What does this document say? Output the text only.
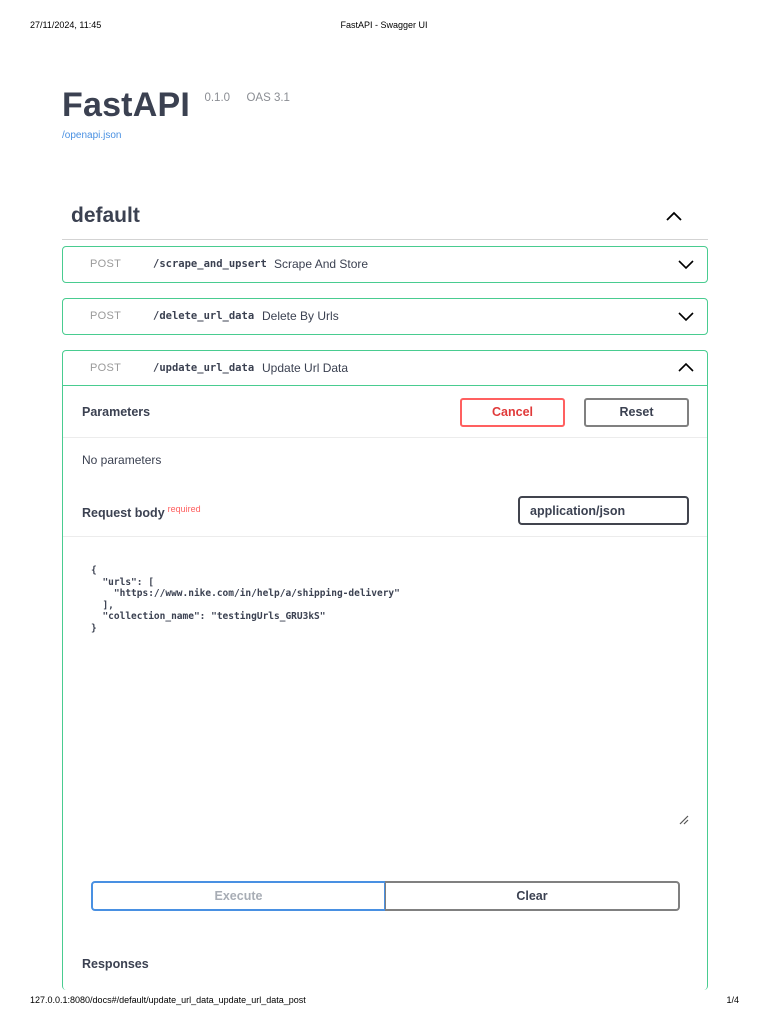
27/11/2024, 11:45	FastAPI - Swagger UI
FastAPI 0.1.0 OAS 3.1
/openapi.json
default
POST	/scrape_and_upsert Scrape And Store
POST	/delete_url_data Delete By Urls
POST	/update_url_data Update Url Data
Parameters	Cancel	Reset
No parameters
Request body $^{required}$	application/json
{
"urls": [
"https://www.nike.com/in/help/a/shipping-delivery"
],
"collection_name": "testingUrls_GRU3kS"
}
Execute	Clear
Responses
127.0.0.1:8080/docs#/default/update_url_data_update_url_data_post	1/4
